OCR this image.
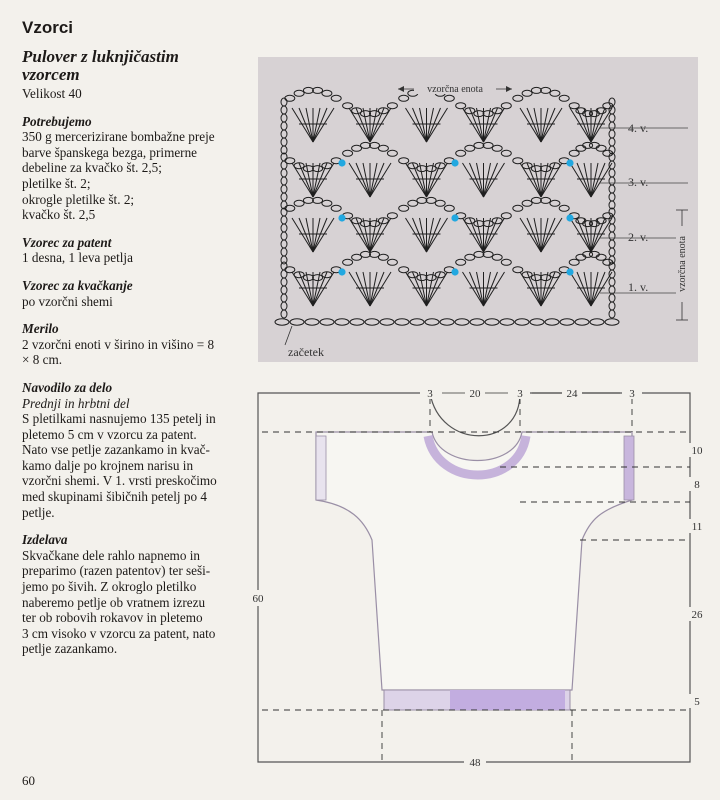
Vzorci
Pulover z luknjičastim
vzorcem
Velikost 40
Potrebujemo
350 g mercerizirane bombažne preje
barve španskega bezga, primerne
debeline za kvačko št. 2,5;
pletilke št. 2;
okrogle pletilke št. 2;
kvačko št. 2,5
Vzorec za patent
1 desna, 1 leva petlja
Vzorec za kvačkanje
po vzorčni shemi
Merilo
2 vzorčni enoti v širino in višino = 8
× 8 cm.
Navodilo za delo
Prednji in hrbtni del
S pletilkami nasnujemo 135 petelj in
pletemo 5 cm v vzorcu za patent.
Nato vse petlje zazankamo in kvač-
kamo dalje po krojnem narisu in
vzorčni shemi. V 1. vrsti preskočimo
med skupinami šibičnih petelj po 4
petlje.
Izdelava
Skvačkane dele rahlo napnemo in
preparimo (razen patentov) ter seši-
jemo po šivih. Z okroglo pletilko
naberemo petlje ob vratnem izrezu
ter ob robovih rokavov in pletemo
3 cm visoko v vzorcu za patent, nato
petlje zazankamo.
vzorčna enota
vzorčna enota
4. v.
3. v.
2. v.
1. v.
začetek
3	20	3	24	3
10
8
11
26
5
60
48
60
